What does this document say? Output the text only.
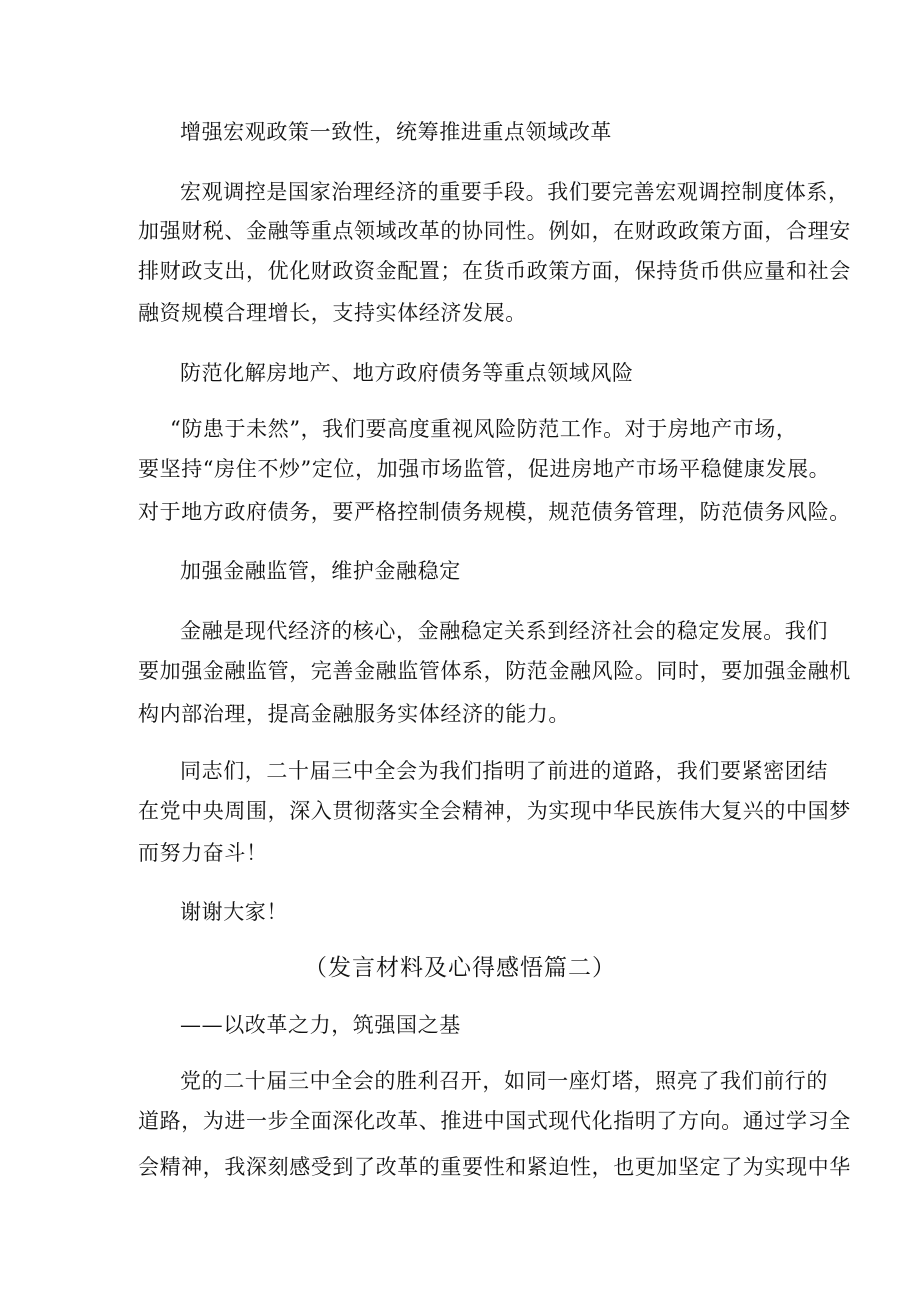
增强宏观政策一致性，统筹推进重点领域改革
宏观调控是国家治理经济的重要手段。我们要完善宏观调控制度体系，
加强财税、金融等重点领域改革的协同性。例如，在财政政策方面，合理安
排财政支出，优化财政资金配置；在货币政策方面，保持货币供应量和社会
融资规模合理增长，支持实体经济发展。
防范化解房地产、地方政府债务等重点领域风险
“防患于未然”，我们要高度重视风险防范工作。对于房地产市场，
要坚持“房住不炒”定位，加强市场监管，促进房地产市场平稳健康发展。
对于地方政府债务，要严格控制债务规模，规范债务管理，防范债务风险。
加强金融监管，维护金融稳定
金融是现代经济的核心，金融稳定关系到经济社会的稳定发展。我们
要加强金融监管，完善金融监管体系，防范金融风险。同时，要加强金融机
构内部治理，提高金融服务实体经济的能力。
同志们，二十届三中全会为我们指明了前进的道路，我们要紧密团结
在党中央周围，深入贯彻落实全会精神，为实现中华民族伟大复兴的中国梦
而努力奋斗！
谢谢大家！
（发言材料及心得感悟篇二）
——以改革之力，筑强国之基
党的二十届三中全会的胜利召开，如同一座灯塔，照亮了我们前行的
道路，为进一步全面深化改革、推进中国式现代化指明了方向。通过学习全
会精神，我深刻感受到了改革的重要性和紧迫性，也更加坚定了为实现中华
